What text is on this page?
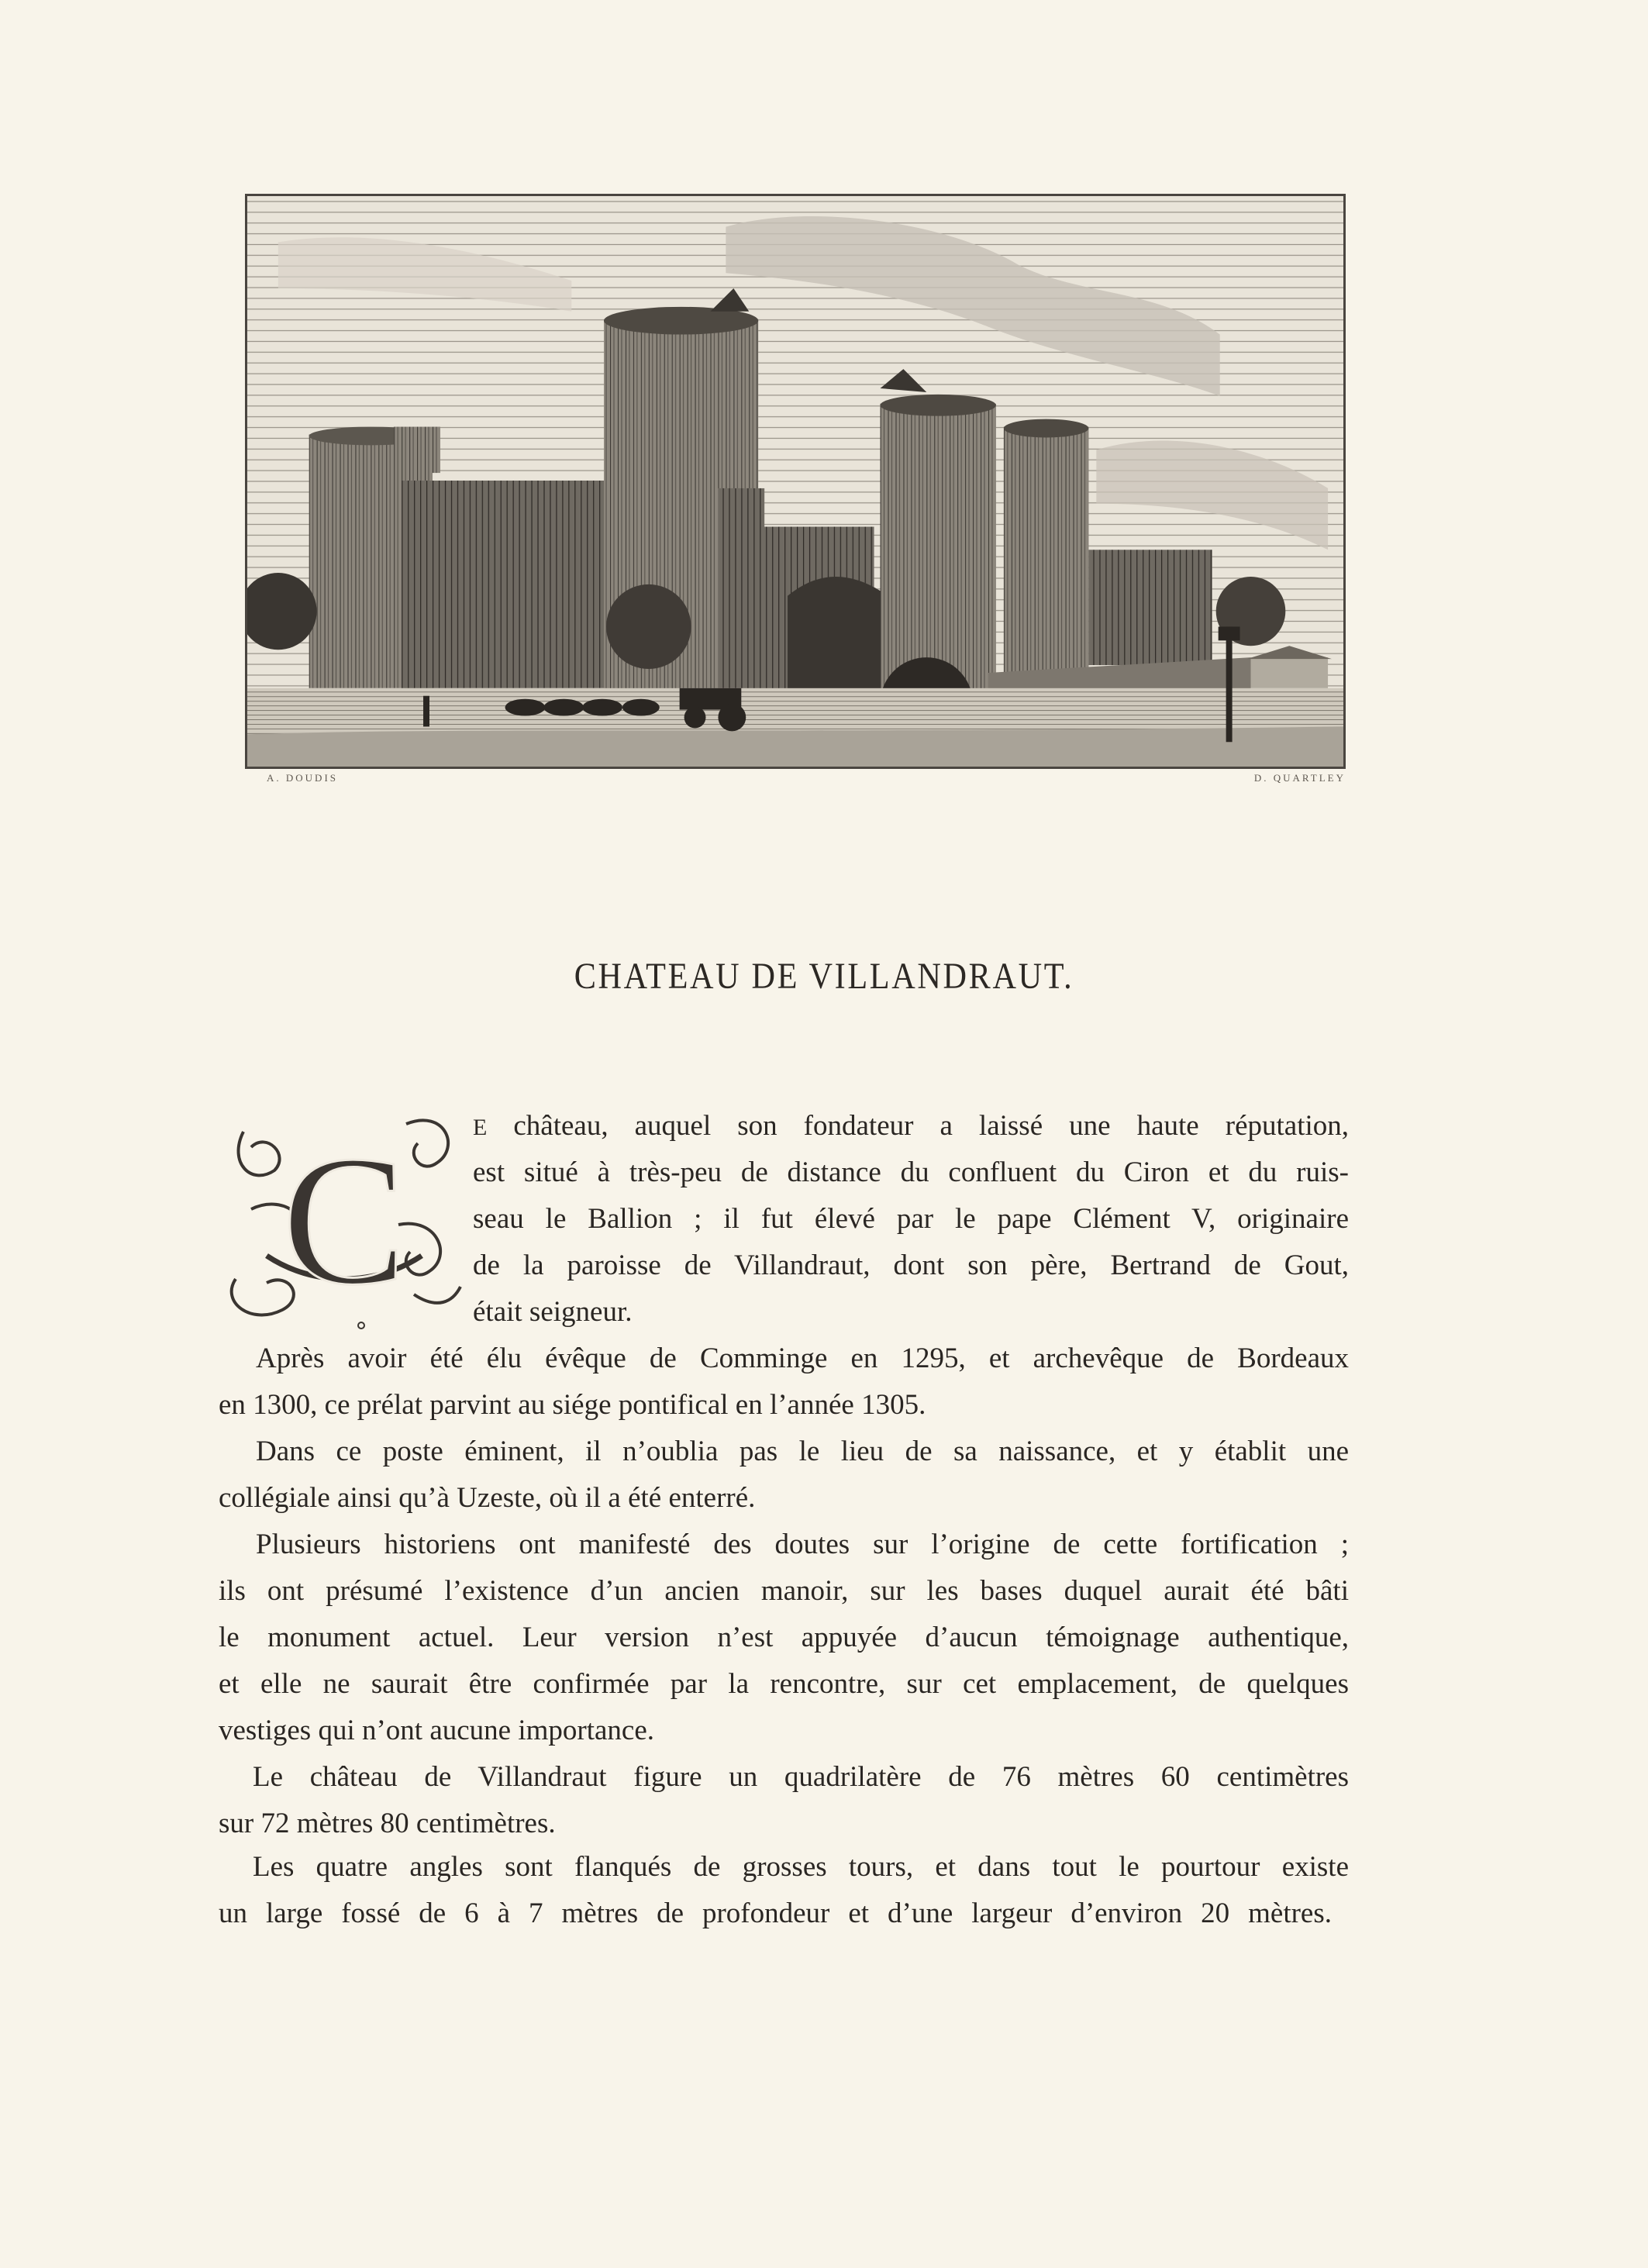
A. DOUDIS	D. QUARTLEY
CHATEAU DE VILLANDRAUT.
C	E château, auquel son fondateur a laissé une haute réputation,
est situé à très-peu de distance du confluent du Ciron et du ruis-
seau le Ballion ; il fut élevé par le pape Clément V, originaire
de la paroisse de Villandraut, dont son père, Bertrand de Gout,
était seigneur.
Après avoir été élu évêque de Comminge en 1295, et archevêque de Bordeaux
en 1300, ce prélat parvint au siége pontifical en l’année 1305.
Dans ce poste éminent, il n’oublia pas le lieu de sa naissance, et y établit une
collégiale ainsi qu’à Uzeste, où il a été enterré.
Plusieurs historiens ont manifesté des doutes sur l’origine de cette fortification ;
ils ont présumé l’existence d’un ancien manoir, sur les bases duquel aurait été bâti
le monument actuel. Leur version n’est appuyée d’aucun témoignage authentique,
et elle ne saurait être confirmée par la rencontre, sur cet emplacement, de quelques
vestiges qui n’ont aucune importance.
Le château de Villandraut figure un quadrilatère de 76 mètres 60 centimètres
sur 72 mètres 80 centimètres.
Les quatre angles sont flanqués de grosses tours, et dans tout le pourtour existe
un large fossé de 6 à 7 mètres de profondeur et d’une largeur d’environ 20 mètres.
